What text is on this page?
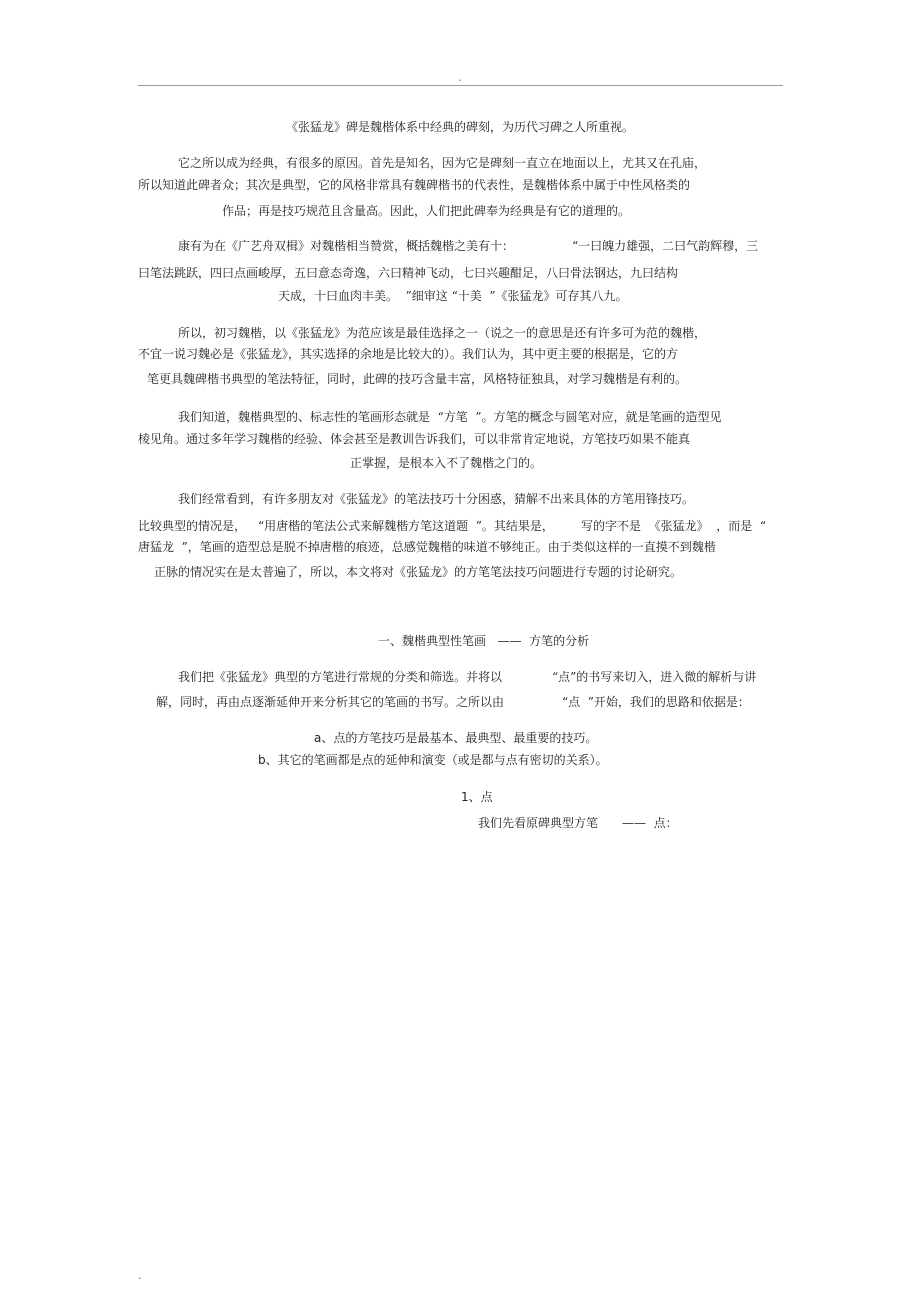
.
《张猛龙》碑是魏楷体系中经典的碑刻，为历代习碑之人所重视。
它之所以成为经典，有很多的原因。首先是知名，因为它是碑刻一直立在地面以上，尤其又在孔庙，
所以知道此碑者众；其次是典型，它的风格非常具有魏碑楷书的代表性，是魏楷体系中属于中性风格类的
作品；再是技巧规范且含量高。因此，人们把此碑奉为经典是有它的道理的。
康有为在《广艺舟双楫》对魏楷相当赞赏，概括魏楷之美有十：	“一曰魄力雄强，二曰气韵辉穆，三
曰笔法跳跃，四曰点画峻厚，五曰意态奇逸，六曰精神飞动，七曰兴趣酣足，八曰骨法钢达，九曰结构
天成，十曰血肉丰美。  ”细审这 “十美  ”《张猛龙》可存其八九。
所以，初习魏楷，以《张猛龙》为范应该是最佳选择之一（说之一的意思是还有许多可为范的魏楷，
不宜一说习魏必是《张猛龙》，其实选择的余地是比较大的）。我们认为，其中更主要的根据是，它的方
笔更具魏碑楷书典型的笔法特征，同时，此碑的技巧含量丰富，风格特征独具，对学习魏楷是有利的。
我们知道，魏楷典型的、标志性的笔画形态就是  “方笔  ”。方笔的概念与圆笔对应，就是笔画的造型见
棱见角。通过多年学习魏楷的经验、体会甚至是教训告诉我们，可以非常肯定地说，方笔技巧如果不能真
正掌握，是根本入不了魏楷之门的。
我们经常看到，有许多朋友对《张猛龙》的笔法技巧十分困惑，猜解不出来具体的方笔用锋技巧。
比较典型的情况是， “用唐楷的笔法公式来解魏楷方笔这道题  ”。其结果是， 写的字不是  《张猛龙》  ，而是  “
唐猛龙  ”，笔画的造型总是脱不掉唐楷的痕迹，总感觉魏楷的味道不够纯正。由于类似这样的一直摸不到魏楷
正脉的情况实在是太普遍了，所以，本文将对《张猛龙》的方笔笔法技巧问题进行专题的讨论研究。
一、魏楷典型性笔画   ——  方笔的分析
我们把《张猛龙》典型的方笔进行常规的分类和筛选。并将以	“点”的书写来切入，进入微的解析与讲
解，同时，再由点逐渐延伸开来分析其它的笔画的书写。之所以由	“点  ”开始，我们的思路和依据是：
a、点的方笔技巧是最基本、最典型、最重要的技巧。
b、其它的笔画都是点的延伸和演变（或是都与点有密切的关系）。
1、点
我们先看原碑典型方笔 ——  点：
.
